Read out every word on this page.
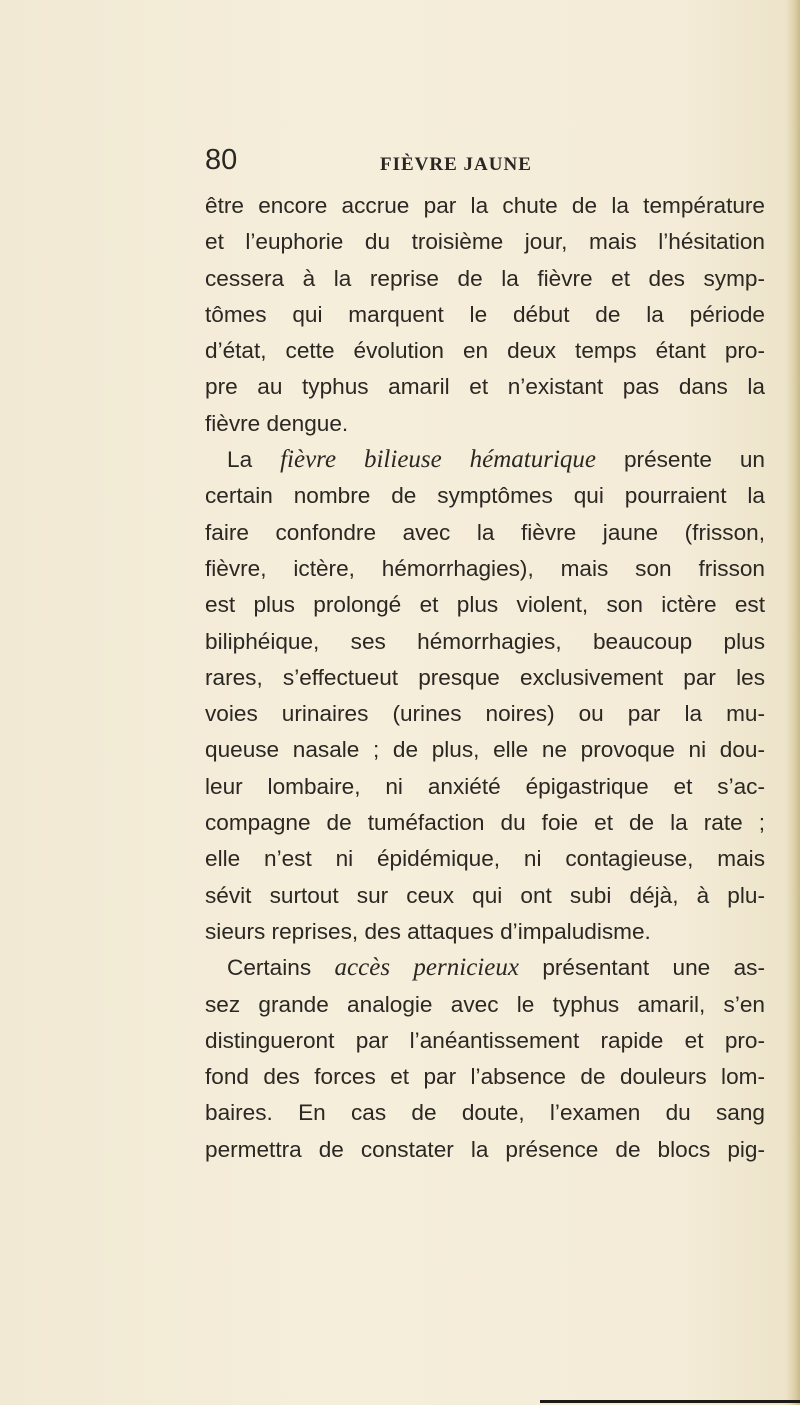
80	FIÈVRE JAUNE
être encore accrue par la chute de la température
et l’euphorie du troisième jour, mais l’hésitation
cessera à la reprise de la fièvre et des symp-
tômes qui marquent le début de la période
d’état, cette évolution en deux temps étant pro-
pre au typhus amaril et n’existant pas dans la
fièvre dengue.
La fièvre bilieuse hématurique présente un
certain nombre de symptômes qui pourraient la
faire confondre avec la fièvre jaune (frisson,
fièvre, ictère, hémorrhagies), mais son frisson
est plus prolongé et plus violent, son ictère est
biliphéique, ses hémorrhagies, beaucoup plus
rares, s’effectueut presque exclusivement par les
voies urinaires (urines noires) ou par la mu-
queuse nasale ; de plus, elle ne provoque ni dou-
leur lombaire, ni anxiété épigastrique et s’ac-
compagne de tuméfaction du foie et de la rate ;
elle n’est ni épidémique, ni contagieuse, mais
sévit surtout sur ceux qui ont subi déjà, à plu-
sieurs reprises, des attaques d’impaludisme.
Certains accès pernicieux présentant une as-
sez grande analogie avec le typhus amaril, s’en
distingueront par l’anéantissement rapide et pro-
fond des forces et par l’absence de douleurs lom-
baires. En cas de doute, l’examen du sang
permettra de constater la présence de blocs pig-
